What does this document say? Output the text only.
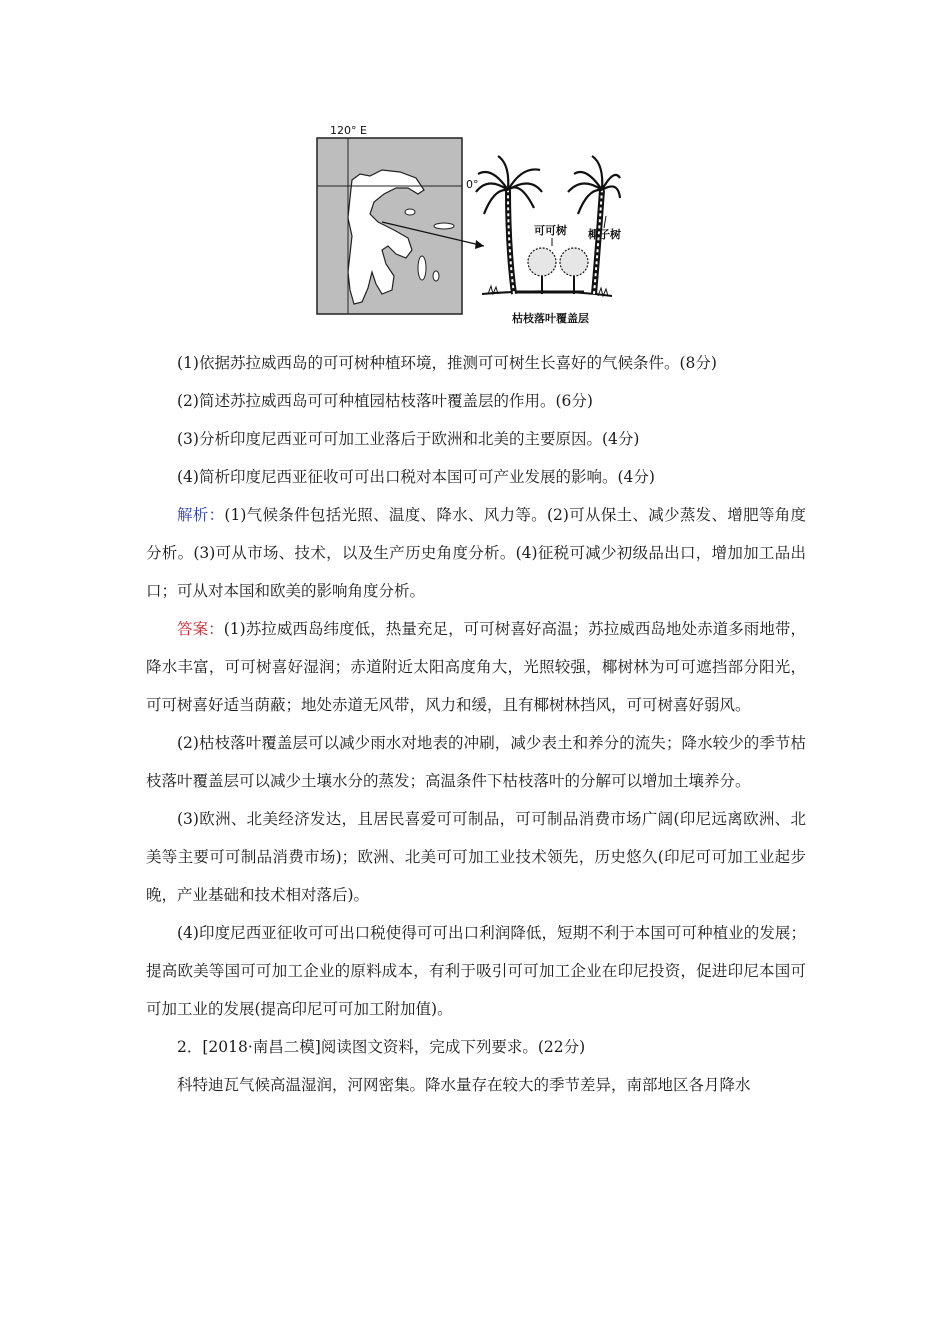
120° E
0°
可可树 椰子树
枯枝落叶覆盖层

(1)依据苏拉威西岛的可可树种植环境，推测可可树生长喜好的气候条件。(8分)

(2)简述苏拉威西岛可可种植园枯枝落叶覆盖层的作用。(6分)

(3)分析印度尼西亚可可加工业落后于欧洲和北美的主要原因。(4分)

(4)简析印度尼西亚征收可可出口税对本国可可产业发展的影响。(4分)

解析：(1)气候条件包括光照、温度、降水、风力等。(2)可从保土、减少蒸发、增肥等角度分析。(3)可从市场、技术，以及生产历史角度分析。(4)征税可减少初级品出口，增加加工品出口；可从对本国和欧美的影响角度分析。

答案：(1)苏拉威西岛纬度低，热量充足，可可树喜好高温；苏拉威西岛地处赤道多雨地带，降水丰富，可可树喜好湿润；赤道附近太阳高度角大，光照较强，椰树林为可可遮挡部分阳光，可可树喜好适当荫蔽；地处赤道无风带，风力和缓，且有椰树林挡风，可可树喜好弱风。

(2)枯枝落叶覆盖层可以减少雨水对地表的冲刷，减少表土和养分的流失；降水较少的季节枯枝落叶覆盖层可以减少土壤水分的蒸发；高温条件下枯枝落叶的分解可以增加土壤养分。

(3)欧洲、北美经济发达，且居民喜爱可可制品，可可制品消费市场广阔(印尼远离欧洲、北美等主要可可制品消费市场)；欧洲、北美可可加工业技术领先，历史悠久(印尼可可加工业起步晚，产业基础和技术相对落后)。

(4)印度尼西亚征收可可出口税使得可可出口利润降低，短期不利于本国可可种植业的发展；提高欧美等国可可加工企业的原料成本，有利于吸引可可加工企业在印尼投资，促进印尼本国可可加工业的发展(提高印尼可可加工附加值)。

2．[2018·南昌二模]阅读图文资料，完成下列要求。(22分)

科特迪瓦气候高温湿润，河网密集。降水量存在较大的季节差异，南部地区各月降水
